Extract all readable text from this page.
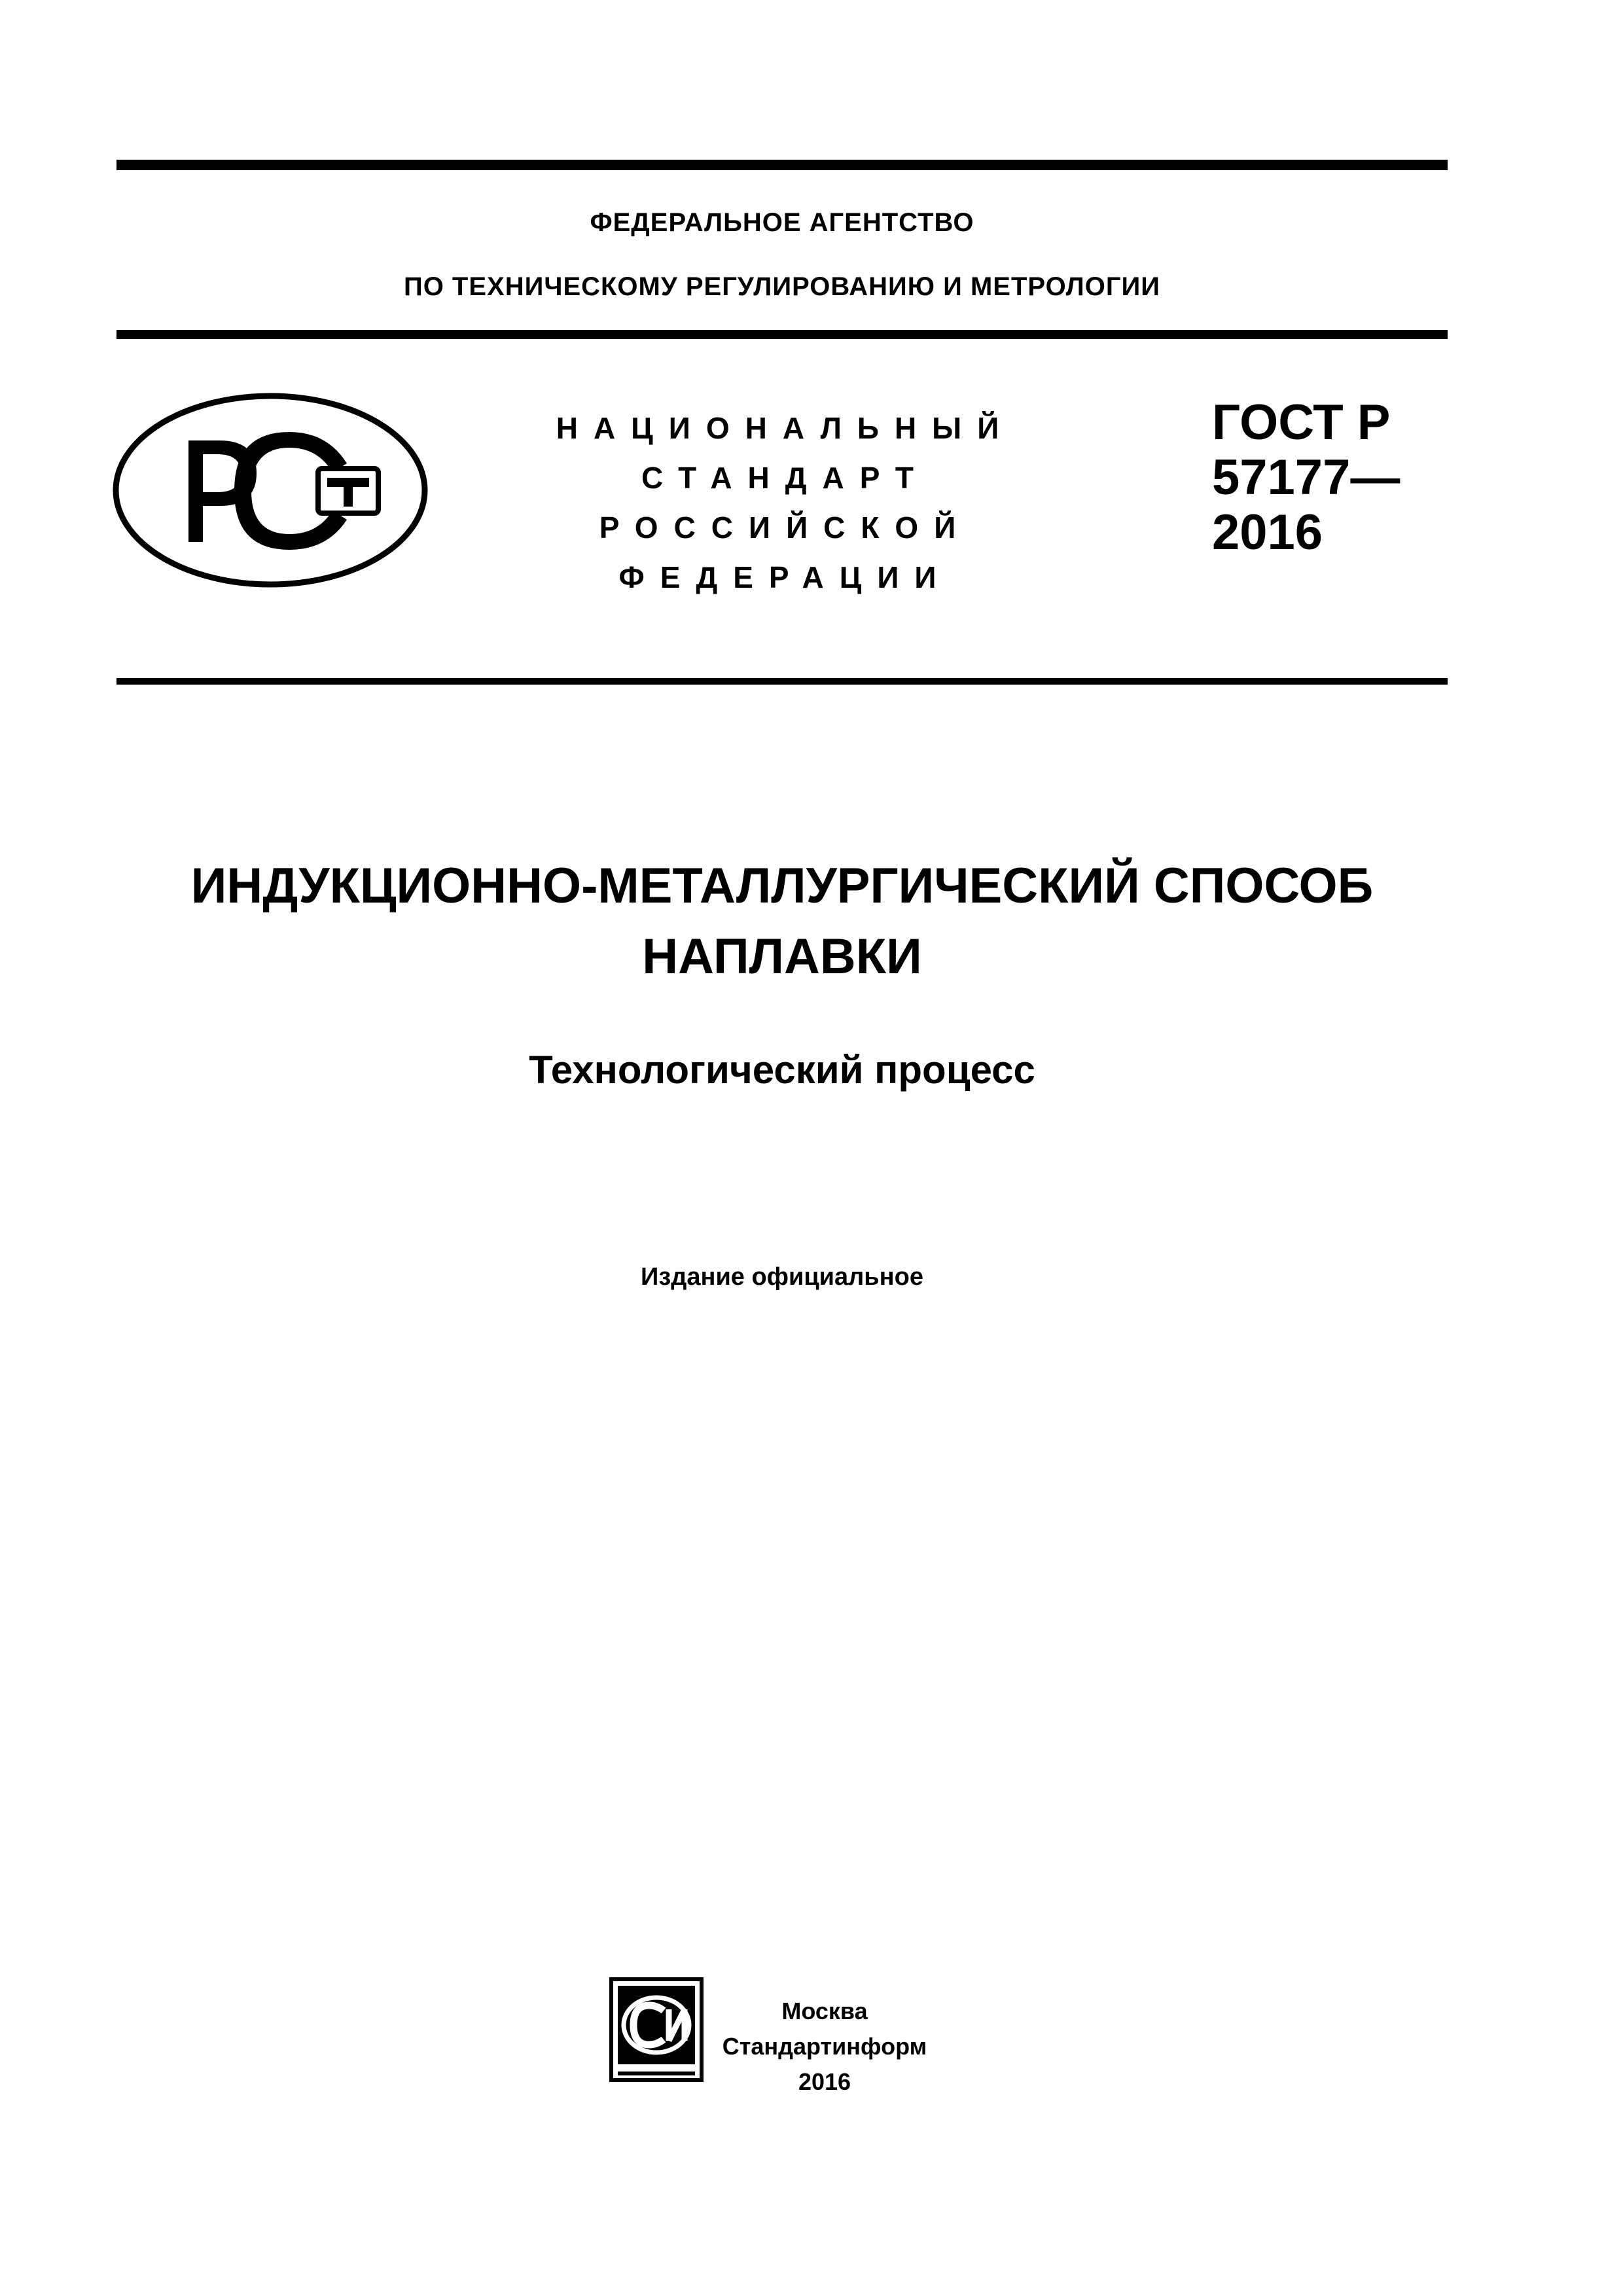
ФЕДЕРАЛЬНОЕ АГЕНТСТВО
ПО ТЕХНИЧЕСКОМУ РЕГУЛИРОВАНИЮ И МЕТРОЛОГИИ
НАЦИОНАЛЬНЫЙ
СТАНДАРТ
РОССИЙСКОЙ
ФЕДЕРАЦИИ
ГОСТ Р
57177—
2016
ИНДУКЦИОННО-МЕТАЛЛУРГИЧЕСКИЙ СПОСОБ
НАПЛАВКИ
Технологический процесс
Издание официальное
Москва
Стандартинформ
2016
